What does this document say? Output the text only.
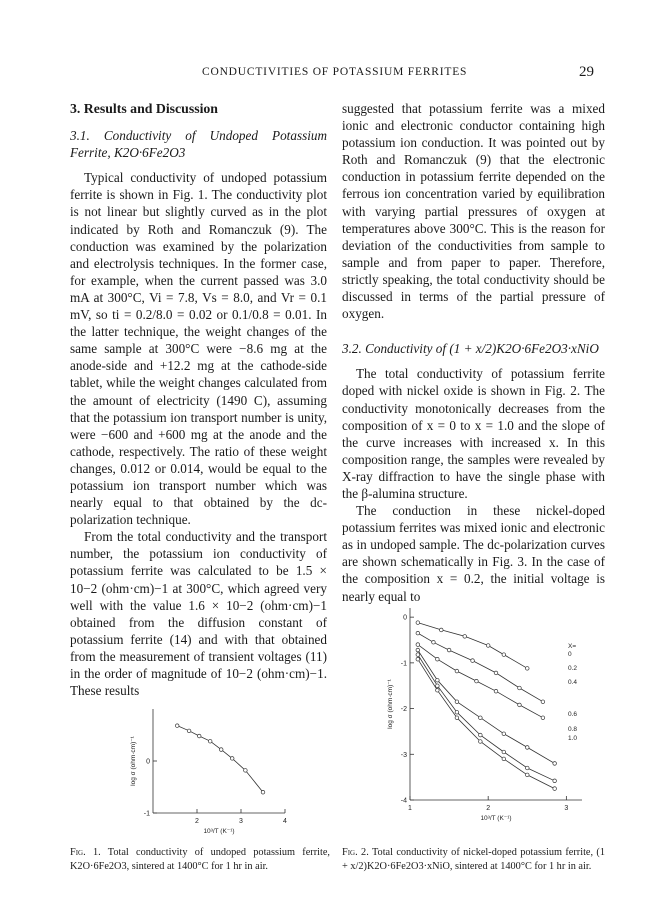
CONDUCTIVITIES OF POTASSIUM FERRITES	29

3. Results and Discussion

3.1. Conductivity of Undoped Potassium Ferrite, K2O·6Fe2O3

Typical conductivity of undoped potassium ferrite is shown in Fig. 1. The conductivity plot is not linear but slightly curved as in the plot indicated by Roth and Romanczuk (9). The conduction was examined by the polarization and electrolysis techniques. In the former case, for example, when the current passed was 3.0 mA at 300°C, Vi = 7.8, Vs = 8.0, and Vr = 0.1 mV, so ti = 0.2/8.0 = 0.02 or 0.1/0.8 = 0.01. In the latter technique, the weight changes of the same sample at 300°C were −8.6 mg at the anode-side and +12.2 mg at the cathode-side tablet, while the weight changes calculated from the amount of electricity (1490 C), assuming that the potassium ion transport number is unity, were −600 and +600 mg at the anode and the cathode, respectively. The ratio of these weight changes, 0.012 or 0.014, would be equal to the potassium ion transport number which was nearly equal to that obtained by the dc-polarization technique.

From the total conductivity and the transport number, the potassium ion conductivity of potassium ferrite was calculated to be 1.5 × 10−2 (ohm·cm)−1 at 300°C, which agreed very well with the value 1.6 × 10−2 (ohm·cm)−1 obtained from the diffusion constant of potassium ferrite (14) and with that obtained from the measurement of transient voltages (11) in the order of magnitude of 10−2 (ohm·cm)−1. These results

suggested that potassium ferrite was a mixed ionic and electronic conductor containing high potassium ion conduction. It was pointed out by Roth and Romanczuk (9) that the electronic conduction in potassium ferrite depended on the ferrous ion concentration varied by equilibration with varying partial pressures of oxygen at temperatures above 300°C. This is the reason for deviation of the conductivities from sample to sample and from paper to paper. Therefore, strictly speaking, the total conductivity should be discussed in terms of the partial pressure of oxygen.

3.2. Conductivity of (1 + x/2)K2O·6Fe2O3·xNiO

The total conductivity of potassium ferrite doped with nickel oxide is shown in Fig. 2. The conductivity monotonically decreases from the composition of x = 0 to x = 1.0 and the slope of the curve increases with increased x. In this composition range, the samples were revealed by X-ray diffraction to have the single phase with the β-alumina structure.

The conduction in these nickel-doped potassium ferrites was mixed ionic and electronic as in undoped sample. The dc-polarization curves are shown schematically in Fig. 3. In the case of the composition x = 0.2, the initial voltage is nearly equal to

2	3	4
-1
0
10³/T (K⁻¹)
log σ (ohm·cm)⁻¹
Fig. 1. Total conductivity of undoped potassium ferrite, K2O·6Fe2O3, sintered at 1400°C for 1 hr in air.
1	2	3
0
-1
-2
-3
-4
10³/T (K⁻¹)
log σ (ohm·cm)⁻¹
X=
0
0.2
0.4
0.6
0.8
1.0
Fig. 2. Total conductivity of nickel-doped potassium ferrite, (1 + x/2)K2O·6Fe2O3·xNiO, sintered at 1400°C for 1 hr in air.
